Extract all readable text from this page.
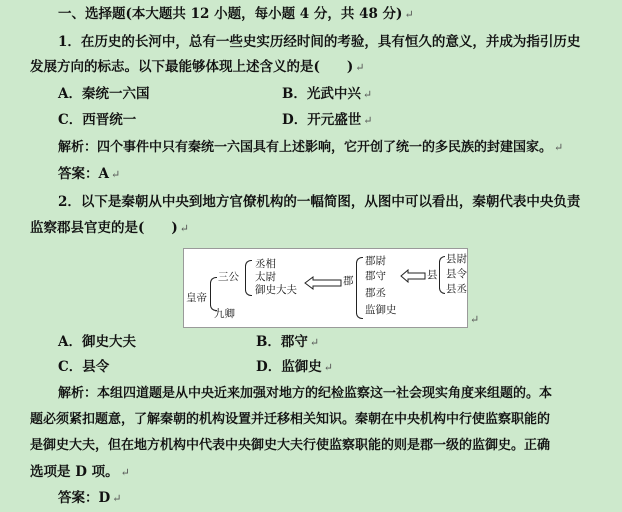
一、选择题(本大题共 12 小题，每小题 4 分，共 48 分) ↵
1．在历史的长河中，总有一些史实历经时间的考验，具有恒久的意义，并成为指引历史
发展方向的标志。以下最能够体现上述含义的是(　　) ↵
A．秦统一六国	B．光武中兴 ↵
C．西晋统一	D．开元盛世 ↵
解析：四个事件中只有秦统一六国具有上述影响，它开创了统一的多民族的封建国家。 ↵
答案：A ↵
2．以下是秦朝从中央到地方官僚机构的一幅简图，从图中可以看出，秦朝代表中央负责
监察郡县官吏的是(　　) ↵
皇帝
三公
九卿
丞相
太尉
御史大夫
郡
郡尉
郡守
郡丞
监御史
县
县尉
县令
县丞
↵
A．御史大夫	B．郡守 ↵
C．县令	D．监御史 ↵
解析：本组四道题是从中央近来加强对地方的纪检监察这一社会现实角度来组题的。本
题必须紧扣题意，了解秦朝的机构设置并迁移相关知识。秦朝在中央机构中行使监察职能的
是御史大夫，但在地方机构中代表中央御史大夫行使监察职能的则是郡一级的监御史。正确
选项是 D 项。 ↵
答案：D ↵
